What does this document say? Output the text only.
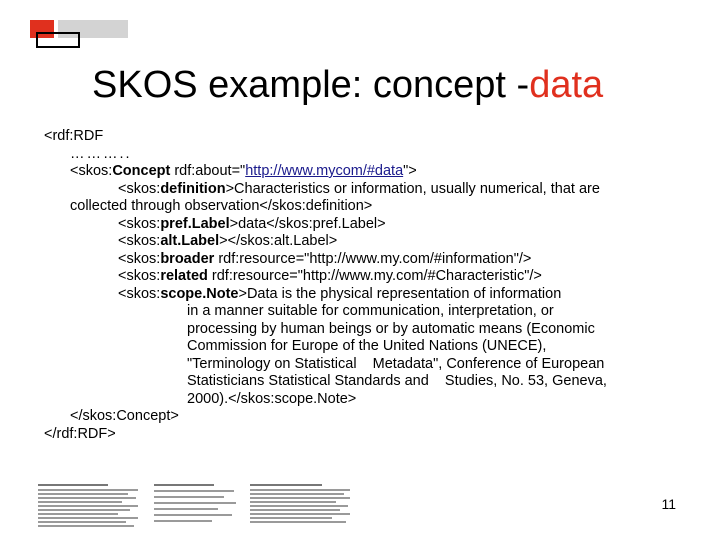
SKOS example: concept -data
<rdf:RDF
………..
<skos:Concept rdf:about="http://www.mycom/#data">
<skos:definition>Characteristics or information, usually numerical, that are
collected through observation</skos:definition>
<skos:pref.Label>data</skos:pref.Label>
<skos:alt.Label></skos:alt.Label>
<skos:broader rdf:resource="http://www.my.com/#information"/>
<skos:related rdf:resource="http://www.my.com/#Characteristic"/>
<skos:scope.Note>Data is the physical representation of information
in a manner suitable for communication, interpretation, or
processing by human beings or by automatic means (Economic
Commission for Europe of the United Nations (UNECE),
"Terminology on Statistical    Metadata", Conference of European
Statisticians Statistical Standards and    Studies, No. 53, Geneva,
2000).</skos:scope.Note>
</skos:Concept>
</rdf:RDF>
11
